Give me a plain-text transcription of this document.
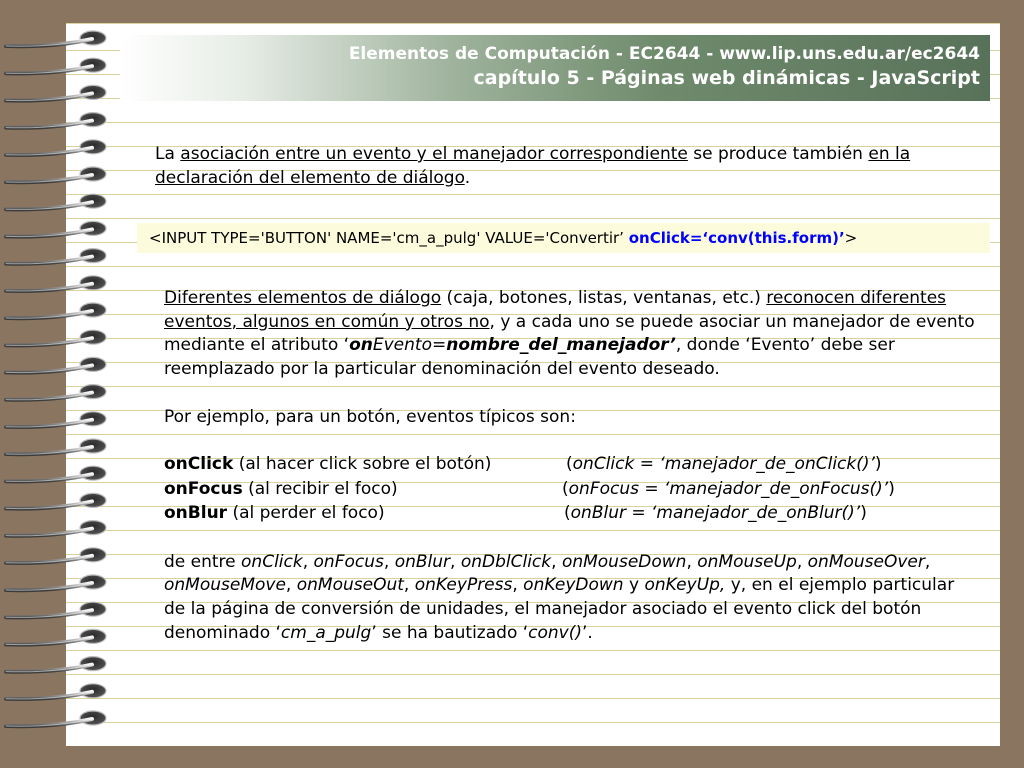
Elementos de Computación - EC2644 - www.lip.uns.edu.ar/ec2644
capítulo 5 - Páginas web dinámicas - JavaScript
La asociación entre un evento y el manejador correspondiente se produce también en la declaración del elemento de diálogo.
<INPUT TYPE='BUTTON' NAME='cm_a_pulg' VALUE='Convertir’ onClick=‘conv(this.form)’>
Diferentes elementos de diálogo (caja, botones, listas, ventanas, etc.) reconocen diferentes eventos, algunos en común y otros no, y a cada uno se puede asociar un manejador de evento mediante el atributo ‘onEvento=nombre_del_manejador’, donde ‘Evento’ debe ser reemplazado por la particular denominación del evento deseado.
Por ejemplo, para un botón, eventos típicos son:
onClick (al hacer click sobre el botón)	(onClick = ‘manejador_de_onClick()’)
onFocus (al recibir el foco)	(onFocus = ‘manejador_de_onFocus()’)
onBlur (al perder el foco)	(onBlur = ‘manejador_de_onBlur()’)
de entre onClick, onFocus, onBlur, onDblClick, onMouseDown, onMouseUp, onMouseOver, onMouseMove, onMouseOut, onKeyPress, onKeyDown y onKeyUp, y, en el ejemplo particular de la página de conversión de unidades, el manejador asociado el evento click del botón denominado ‘cm_a_pulg’ se ha bautizado ‘conv()’.
